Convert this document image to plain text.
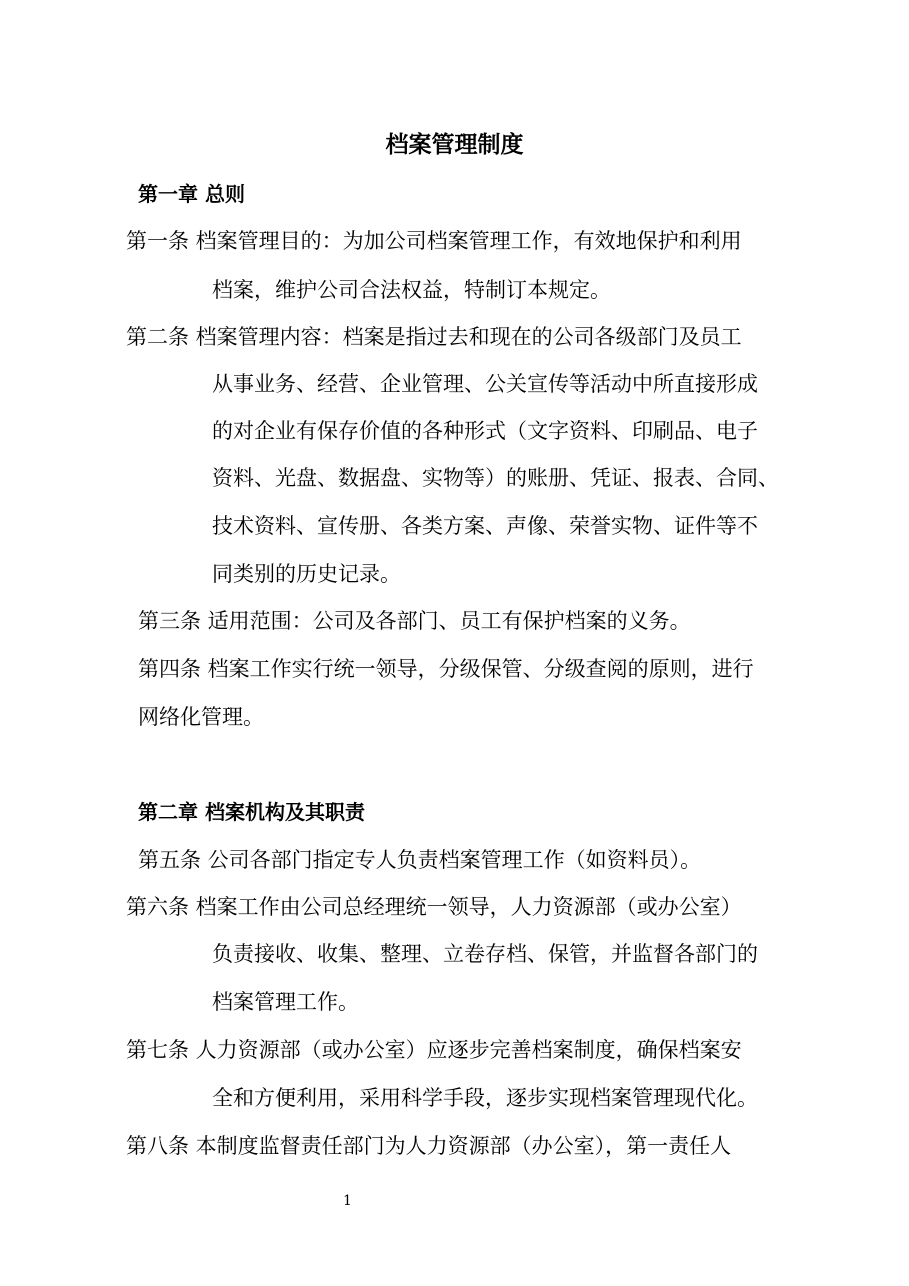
档案管理制度
第一章 总则
第一条 档案管理目的：为加公司档案管理工作，有效地保护和利用
档案，维护公司合法权益，特制订本规定。
第二条 档案管理内容：档案是指过去和现在的公司各级部门及员工
从事业务、经营、企业管理、公关宣传等活动中所直接形成
的对企业有保存价值的各种形式（文字资料、印刷品、电子
资料、光盘、数据盘、实物等）的账册、凭证、报表、合同、
技术资料、宣传册、各类方案、声像、荣誉实物、证件等不
同类别的历史记录。
第三条 适用范围：公司及各部门、员工有保护档案的义务。
第四条 档案工作实行统一领导，分级保管、分级查阅的原则，进行
网络化管理。
第二章 档案机构及其职责
第五条 公司各部门指定专人负责档案管理工作（如资料员）。
第六条 档案工作由公司总经理统一领导，人力资源部（或办公室）
负责接收、收集、整理、立卷存档、保管，并监督各部门的
档案管理工作。
第七条 人力资源部（或办公室）应逐步完善档案制度，确保档案安
全和方便利用，采用科学手段，逐步实现档案管理现代化。
第八条 本制度监督责任部门为人力资源部（办公室），第一责任人
1
